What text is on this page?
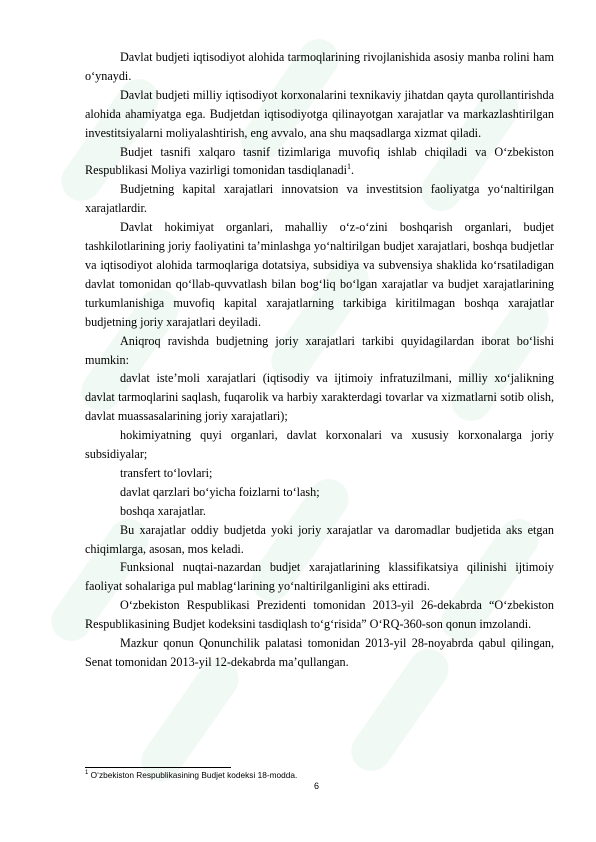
Davlat budjeti iqtisodiyot alohida tarmoqlarining rivojlanishida asosiy manba rolini ham o‘ynaydi.

Davlat budjeti milliy iqtisodiyot korxonalarini texnikaviy jihatdan qayta qurollantirishda alohida ahamiyatga ega. Budjetdan iqtisodiyotga qilinayotgan xarajatlar va markazlashtirilgan investitsiyalarni moliyalashtirish, eng avvalo, ana shu maqsadlarga xizmat qiladi.

Budjet tasnifi xalqaro tasnif tizimlariga muvofiq ishlab chiqiladi va O‘zbekiston Respublikasi Moliya vazirligi tomonidan tasdiqlanadi$^1$.

Budjetning kapital xarajatlari innovatsion va investitsion faoliyatga yo‘naltirilgan xarajatlardir.

Davlat hokimiyat organlari, mahalliy o‘z-o‘zini boshqarish organlari, budjet tashkilotlarining joriy faoliyatini ta’minlashga yo‘naltirilgan budjet xarajatlari, boshqa budjetlar va iqtisodiyot alohida tarmoqlariga dotatsiya, subsidiya va subvensiya shaklida ko‘rsatiladigan davlat tomonidan qo‘llab-quvvatlash bilan bog‘liq bo‘lgan xarajatlar va budjet xarajatlarining turkumlanishiga muvofiq kapital xarajatlarning tarkibiga kiritilmagan boshqa xarajatlar budjetning joriy xarajatlari deyiladi.

Aniqroq ravishda budjetning joriy xarajatlari tarkibi quyidagilardan iborat bo‘lishi mumkin:

davlat iste’moli xarajatlari (iqtisodiy va ijtimoiy infratuzilmani, milliy xo‘jalikning davlat tarmoqlarini saqlash, fuqarolik va harbiy xarakterdagi tovarlar va xizmatlarni sotib olish, davlat muassasalarining joriy xarajatlari);

hokimiyatning quyi organlari, davlat korxonalari va xususiy korxonalarga joriy subsidiyalar;

transfert to‘lovlari;

davlat qarzlari bo‘yicha foizlarni to‘lash;

boshqa xarajatlar.

Bu xarajatlar oddiy budjetda yoki joriy xarajatlar va daromadlar budjetida aks etgan chiqimlarga, asosan, mos keladi.

Funksional nuqtai-nazardan budjet xarajatlarining klassifikatsiya qilinishi ijtimoiy faoliyat sohalariga pul mablag‘larining yo‘naltirilganligini aks ettiradi.

O‘zbekiston Respublikasi Prezidenti tomonidan 2013-yil 26-dekabrda “O‘zbekiston Respublikasining Budjet kodeksini tasdiqlash to‘g‘risida” O‘RQ-360-son qonun imzolandi.

Mazkur qonun Qonunchilik palatasi tomonidan 2013-yil 28-noyabrda qabul qilingan, Senat tomonidan 2013-yil 12-dekabrda ma’qullangan.

$^1$ O‘zbekiston Respublikasining Budjet kodeksi 18-modda.
6
